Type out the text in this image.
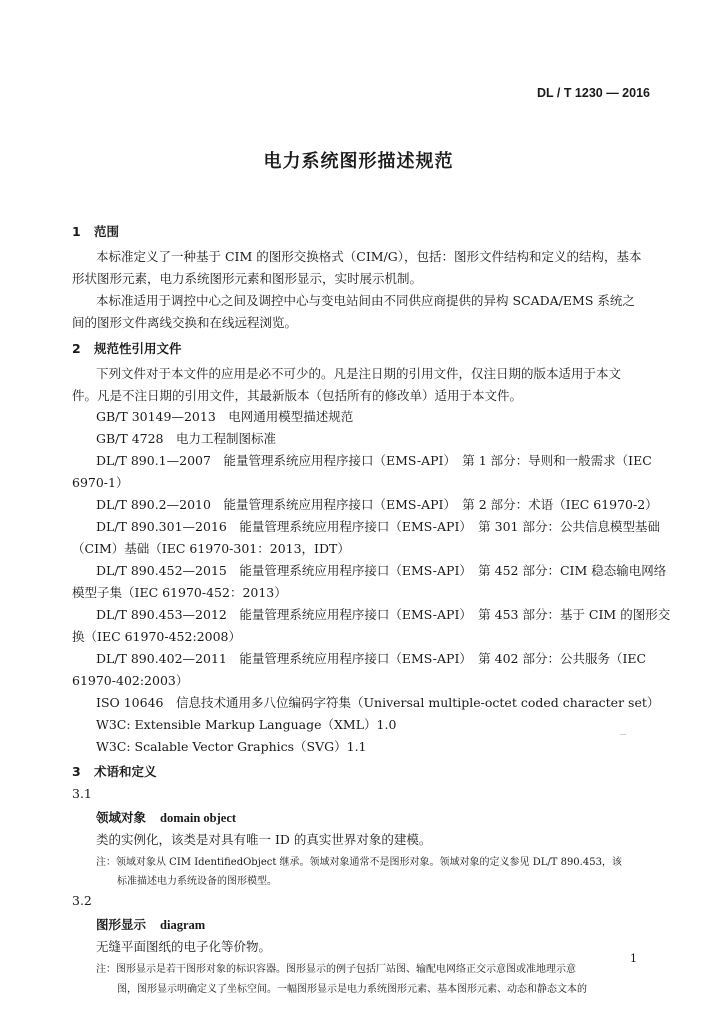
DL / T 1230 — 2016
电力系统图形描述规范
1 范围
本标准定义了一种基于 CIM 的图形交换格式（CIM/G），包括：图形文件结构和定义的结构，基本
形状图形元素，电力系统图形元素和图形显示，实时展示机制。
本标准适用于调控中心之间及调控中心与变电站间由不同供应商提供的异构 SCADA/EMS 系统之
间的图形文件离线交换和在线远程浏览。
2 规范性引用文件
下列文件对于本文件的应用是必不可少的。凡是注日期的引用文件，仅注日期的版本适用于本文
件。凡是不注日期的引用文件，其最新版本（包括所有的修改单）适用于本文件。
GB/T 30149—2013　电网通用模型描述规范
GB/T 4728　电力工程制图标准
DL/T 890.1—2007　能量管理系统应用程序接口（EMS-API）　第 1 部分：导则和一般需求（IEC
6970-1）
DL/T 890.2—2010　能量管理系统应用程序接口（EMS-API）　第 2 部分：术语（IEC 61970-2）
DL/T 890.301—2016　能量管理系统应用程序接口（EMS-API）　第 301 部分：公共信息模型基础
（CIM）基础（IEC 61970-301：2013，IDT）
DL/T 890.452—2015　能量管理系统应用程序接口（EMS-API）　第 452 部分：CIM 稳态输电网络
模型子集（IEC 61970-452：2013）
DL/T 890.453—2012　能量管理系统应用程序接口（EMS-API）　第 453 部分：基于 CIM 的图形交
换（IEC 61970-452:2008）
DL/T 890.402—2011　能量管理系统应用程序接口（EMS-API）　第 402 部分：公共服务（IEC
61970-402:2003）
ISO 10646　信息技术通用多八位编码字符集（Universal multiple-octet coded character set）
W3C: Extensible Markup Language（XML）1.0
W3C: Scalable Vector Graphics（SVG）1.1
3 术语和定义
3.1
领域对象 domain object
类的实例化，该类是对具有唯一 ID 的真实世界对象的建模。
注：领域对象从 CIM IdentifiedObject 继承。领域对象通常不是图形对象。领域对象的定义参见 DL/T 890.453，该
标准描述电力系统设备的图形模型。
3.2
图形显示 diagram
无缝平面图纸的电子化等价物。
注：图形显示是若干图形对象的标识容器。图形显示的例子包括厂站图、输配电网络正交示意图或准地理示意
图，图形显示明确定义了坐标空间。一幅图形显示是电力系统图形元素、基本图形元素、动态和静态文本的
1
